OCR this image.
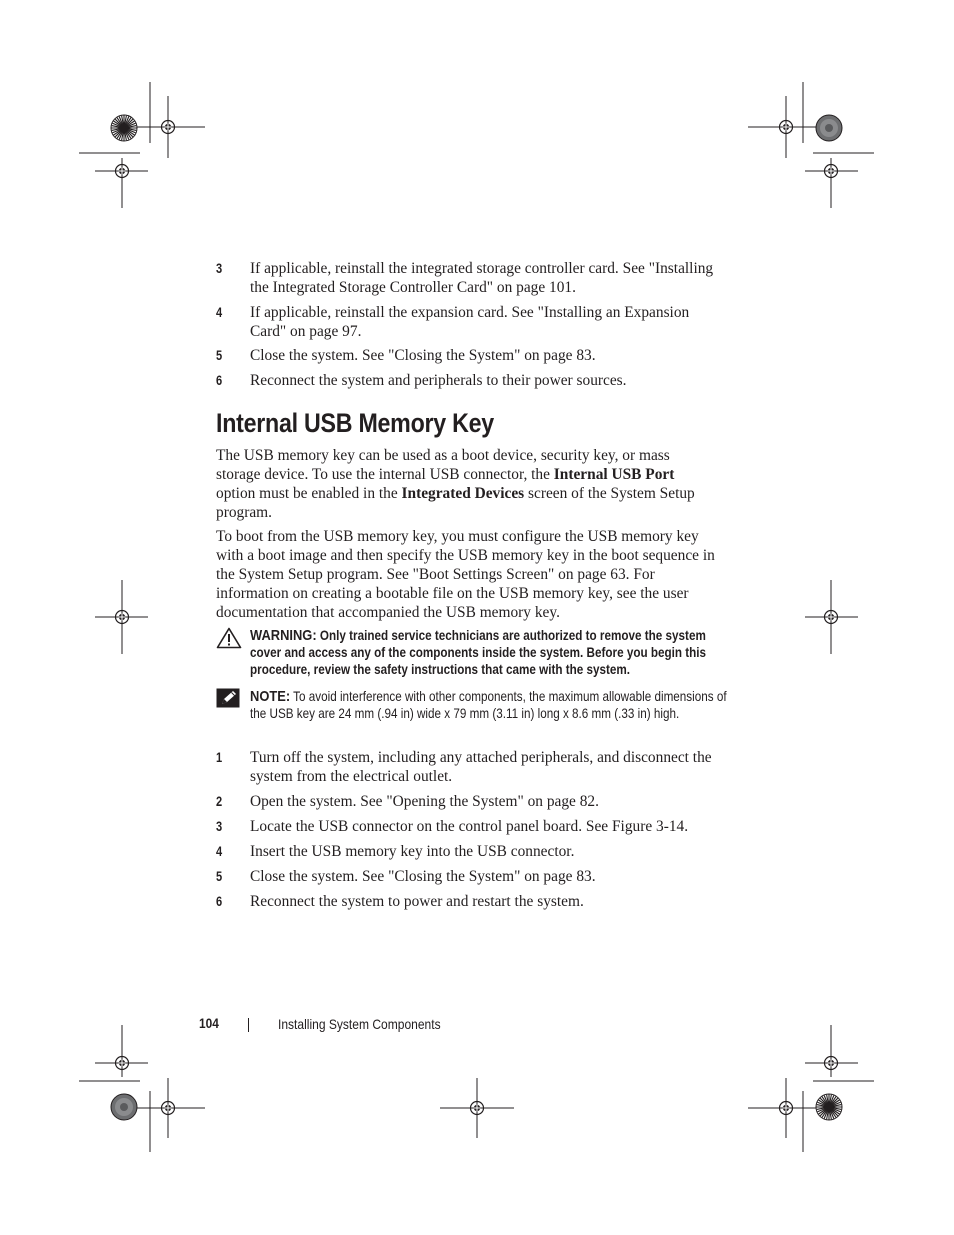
3	If applicable, reinstall the integrated storage controller card. See "Installing the Integrated Storage Controller Card" on page 101.
4	If applicable, reinstall the expansion card. See "Installing an Expansion Card" on page 97.
5	Close the system. See "Closing the System" on page 83.
6	Reconnect the system and peripherals to their power sources.
Internal USB Memory Key

The USB memory key can be used as a boot device, security key, or mass storage device. To use the internal USB connector, the Internal USB Port option must be enabled in the Integrated Devices screen of the System Setup program.

To boot from the USB memory key, you must configure the USB memory key with a boot image and then specify the USB memory key in the boot sequence in the System Setup program. See "Boot Settings Screen" on page 63. For information on creating a bootable file on the USB memory key, see the user documentation that accompanied the USB memory key.

WARNING: Only trained service technicians are authorized to remove the system cover and access any of the components inside the system. Before you begin this procedure, review the safety instructions that came with the system.
NOTE: To avoid interference with other components, the maximum allowable dimensions of the USB key are 24 mm (.94 in) wide x 79 mm (3.11 in) long x 8.6 mm (.33 in) high.
1	Turn off the system, including any attached peripherals, and disconnect the system from the electrical outlet.
2	Open the system. See "Opening the System" on page 82.
3	Locate the USB connector on the control panel board. See Figure 3-14.
4	Insert the USB memory key into the USB connector.
5	Close the system. See "Closing the System" on page 83.
6	Reconnect the system to power and restart the system.
104	Installing System Components
